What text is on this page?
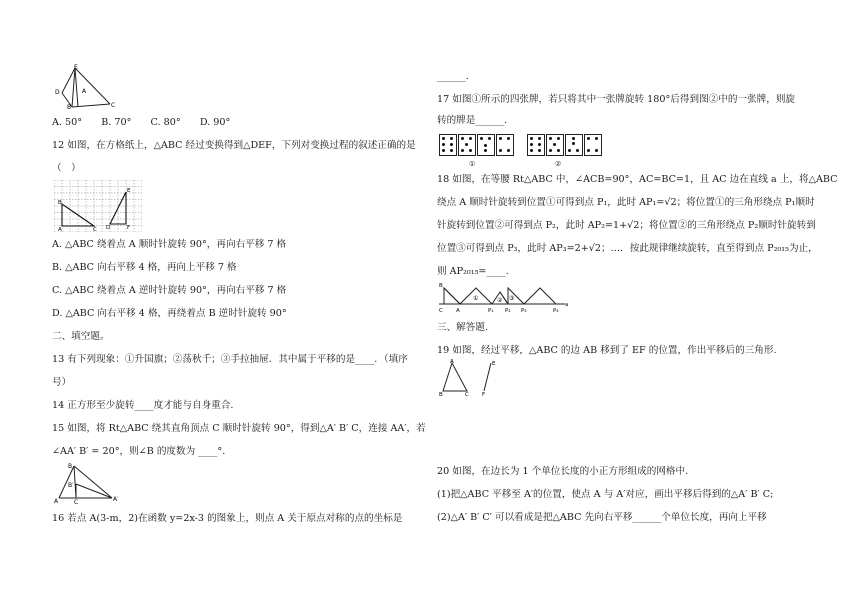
E
D	A
B	C
A. 50°　　B. 70°　　C. 80°　　D. 90°
12 如图，在方格纸上，△ABC 经过变换得到△DEF，下列对变换过程的叙述正确的是
（　）
B
A	C
E
F
D
A. △ABC 绕着点 A 顺时针旋转 90°，再向右平移 7 格
B. △ABC 向右平移 4 格，再向上平移 7 格
C. △ABC 绕着点 A 逆时针旋转 90°，再向右平移 7 格
D. △ABC 向右平移 4 格，再绕着点 B 逆时针旋转 90°
二、填空题。
13 有下列现象：①升国旗；②荡秋千；③手拉抽屉．其中属于平移的是____．（填序
号）
14 正方形至少旋转____度才能与自身重合.
15 如图，将 Rt△ABC 绕其直角顶点 C 顺时针旋转 90°，得到△A′ B′ C，连接 AA′，若
∠AA′ B′ = 20°，则∠B 的度数为 ____°.
B
B′
A	C	A′
16 若点 A(3-m，2)在函数 y=2x-3 的图象上，则点 A 关于原点对称的点的坐标是
______.
17 如图①所示的四张牌，若只将其中一张牌旋转 180°后得到图②中的一张牌，则旋
转的牌是______.
①	②
18 如图，在等腰 Rt△ABC 中，∠ACB=90°，AC=BC=1，且 AC 边在直线 a 上，将△ABC
绕点 A 顺时针旋转到位置①可得到点 P₁，此时 AP₁=√2；将位置①的三角形绕点 P₁顺时
针旋转到位置②可得到点 P₂，此时 AP₂=1+√2；将位置②的三角形绕点 P₂顺时针旋转到
位置③可得到点 P₃，此时 AP₃=2+√2；…．按此规律继续旋转，直至得到点 P₂₀₁₅为止，
则 AP₂₀₁₅=____.
B
C A	P₁ P₂ P₃	P₄
a
①	② ③
三、解答题.
19 如图，经过平移，△ABC 的边 AB 移到了 EF 的位置，作出平移后的三角形.
A
B	C
E
F
20 如图，在边长为 1 个单位长度的小正方形组成的网格中.
(1)把△ABC 平移至 A′的位置，使点 A 与 A′对应，画出平移后得到的△A′ B′ C;
(2)△A′ B′ C′ 可以看成是把△ABC 先向右平移______个单位长度，再向上平移
